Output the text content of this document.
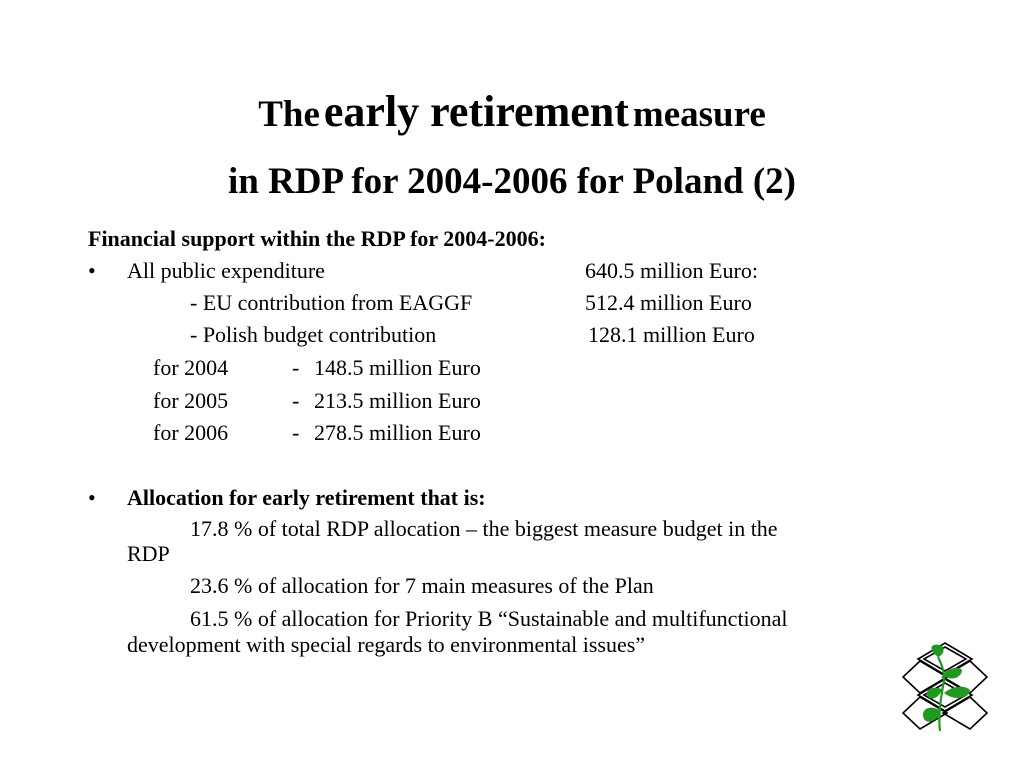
The early retirement measure
in RDP for 2004-2006 for Poland (2)
Financial support within the RDP for 2004-2006:
• All public expenditure	640.5 million Euro:
- EU contribution from EAGGF	512.4 million Euro
- Polish budget contribution	128.1 million Euro
for 2004	- 148.5 million Euro
for 2005	- 213.5 million Euro
for 2006	- 278.5 million Euro
• Allocation for early retirement that is:
17.8 % of total RDP allocation – the biggest measure budget in the
RDP
23.6 % of allocation for 7 main measures of the Plan
61.5 % of allocation for Priority B “Sustainable and multifunctional
development with special regards to environmental issues”
